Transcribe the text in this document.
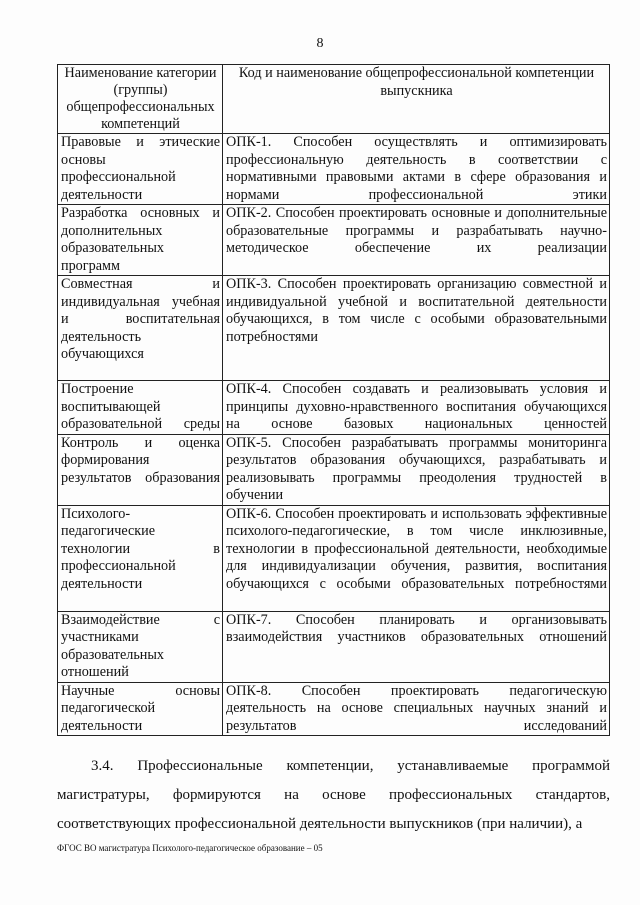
8
Наименование категории (группы) общепрофессиональных компетенций	Код и наименование общепрофессиональной компетенции выпускника
Правовые и этические основы профессиональной деятельности	ОПК-1. Способен осуществлять и оптимизировать профессиональную деятельность в соответствии с нормативными правовыми актами в сфере образования и нормами профессиональной этики
Разработка основных и дополнительных образовательных программ	ОПК-2. Способен проектировать основные и дополнительные образовательные программы и разрабатывать научно-методическое обеспечение их реализации
Совместная и индивидуальная учебная и воспитательная деятельность обучающихся	ОПК-3. Способен проектировать организацию совместной и индивидуальной учебной и воспитательной деятельности обучающихся, в том числе с особыми образовательными потребностями
Построение воспитывающей образовательной среды	ОПК-4. Способен создавать и реализовывать условия и принципы духовно-нравственного воспитания обучающихся на основе базовых национальных ценностей
Контроль и оценка формирования результатов образования	ОПК-5. Способен разрабатывать программы мониторинга результатов образования обучающихся, разрабатывать и реализовывать программы преодоления трудностей в обучении
Психолого-педагогические технологии в профессиональной деятельности	ОПК-6. Способен проектировать и использовать эффективные психолого-педагогические, в том числе инклюзивные, технологии в профессиональной деятельности, необходимые для индивидуализации обучения, развития, воспитания обучающихся с особыми образовательных потребностями
Взаимодействие с участниками образовательных отношений	ОПК-7. Способен планировать и организовывать взаимодействия участников образовательных отношений
Научные основы педагогической деятельности	ОПК-8. Способен проектировать педагогическую деятельность на основе специальных научных знаний и результатов исследований
3.4. Профессиональные компетенции, устанавливаемые программой магистратуры, формируются на основе профессиональных стандартов, соответствующих профессиональной деятельности выпускников (при наличии), а
ФГОС ВО магистратура Психолого-педагогическое образование – 05
